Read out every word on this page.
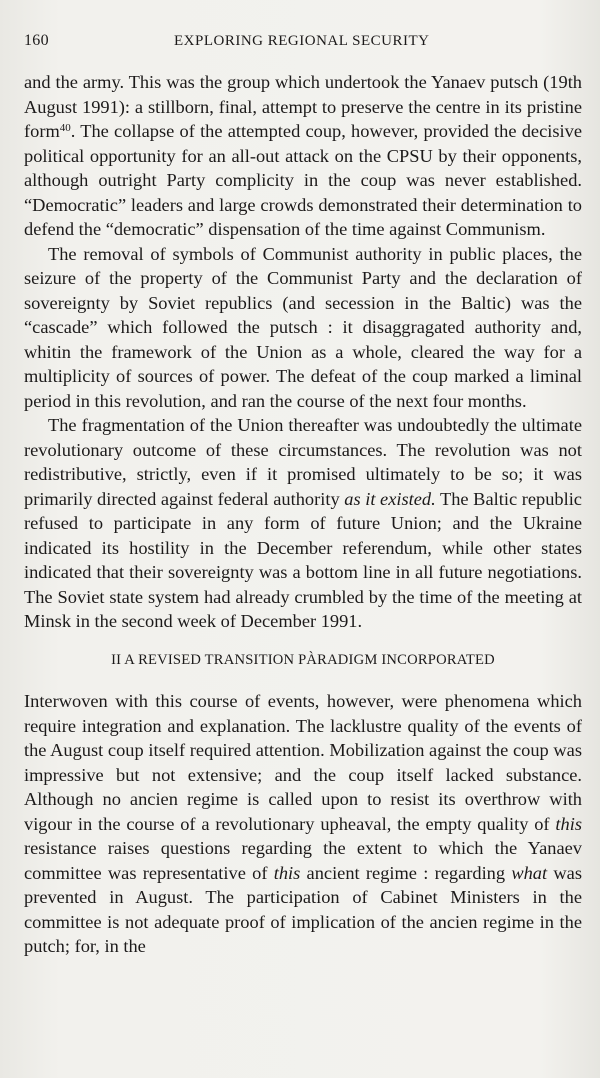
160	EXPLORING REGIONAL SECURITY

and the army. This was the group which undertook the Yanaev putsch (19th August 1991): a stillborn, final, attempt to preserve the centre in its pristine form$^{40}$. The collapse of the attempted coup, however, provided the decisive political opportunity for an all-out attack on the CPSU by their opponents, although outright Party complicity in the coup was never established. “Democratic” leaders and large crowds demonstrated their determination to defend the “democratic” dispensation of the time against Communism.

The removal of symbols of Communist authority in public places, the seizure of the property of the Communist Party and the declaration of sovereignty by Soviet republics (and secession in the Baltic) was the “cascade” which followed the putsch : it disaggragated authority and, whitin the framework of the Union as a whole, cleared the way for a multiplicity of sources of power. The defeat of the coup marked a liminal period in this revolution, and ran the course of the next four months.

The fragmentation of the Union thereafter was undoubtedly the ultimate revolutionary outcome of these circumstances. The revolution was not redistributive, strictly, even if it promised ultimately to be so; it was primarily directed against federal authority as it existed. The Baltic republic refused to participate in any form of future Union; and the Ukraine indicated its hostility in the December referendum, while other states indicated that their sovereignty was a bottom line in all future negotiations. The Soviet state system had already crumbled by the time of the meeting at Minsk in the second week of December 1991.

II A REVISED TRANSITION PÀRADIGM INCORPORATED

Interwoven with this course of events, however, were phenomena which require integration and explanation. The lacklustre quality of the events of the August coup itself required attention. Mobilization against the coup was impressive but not extensive; and the coup itself lacked substance. Although no ancien regime is called upon to resist its overthrow with vigour in the course of a revolutionary upheaval, the empty quality of this resistance raises questions regarding the extent to which the Yanaev committee was representative of this ancient regime : regarding what was prevented in August. The participation of Cabinet Ministers in the committee is not adequate proof of implication of the ancien regime in the putch; for, in the
